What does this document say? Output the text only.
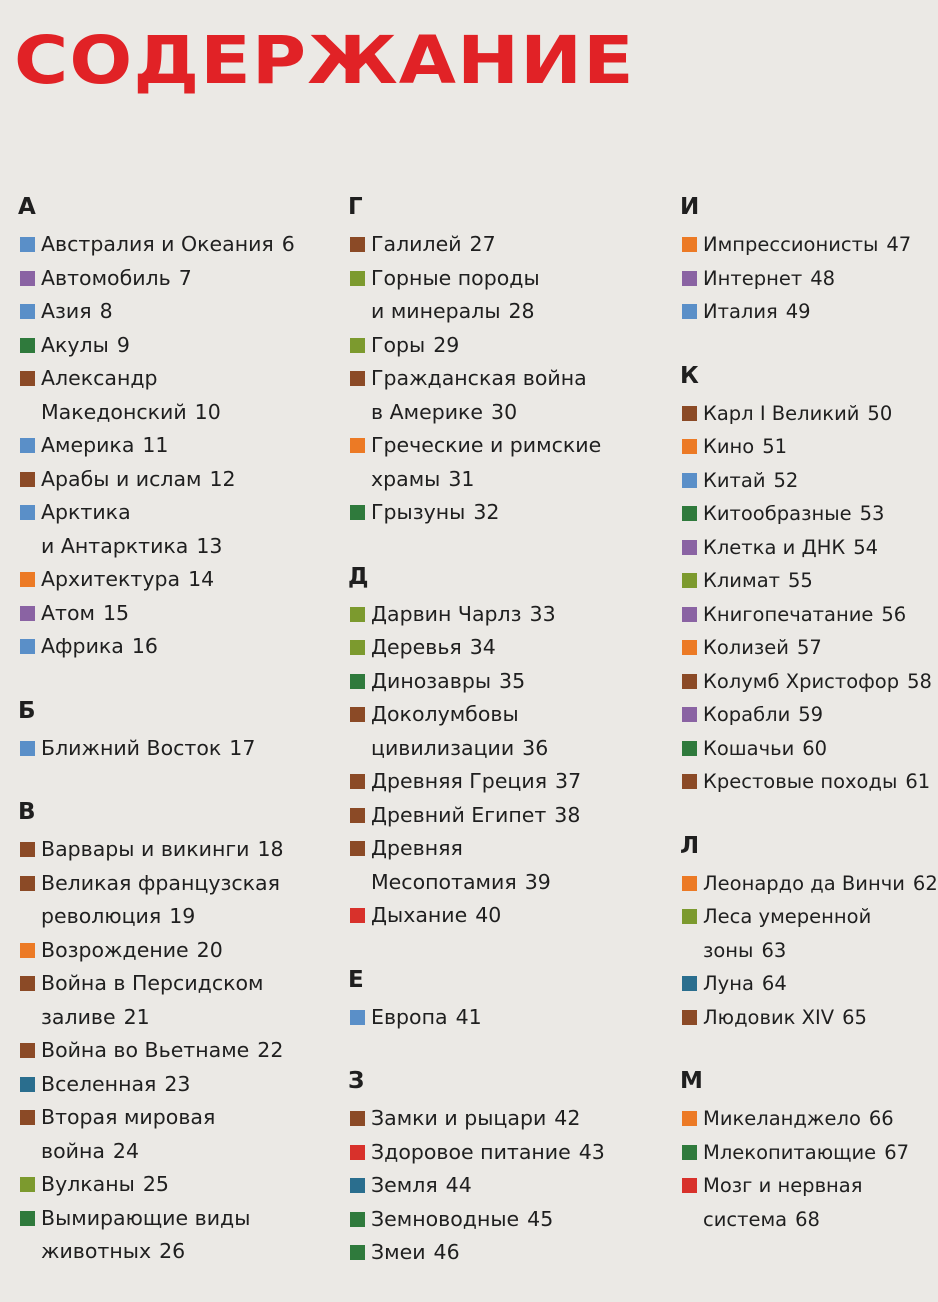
СОДЕРЖАНИЕ
А
Австралия и Океания 6
Автомобиль 7
Азия 8
Акулы 9
Александр
Македонский 10
Америка 11
Арабы и ислам 12
Арктика
и Антарктика 13
Архитектура 14
Атом 15
Африка 16
Б
Ближний Восток 17
В
Варвары и викинги 18
Великая французская
революция 19
Возрождение 20
Война в Персидском
заливе 21
Война во Вьетнаме 22
Вселенная 23
Вторая мировая
война 24
Вулканы 25
Вымирающие виды
животных 26
Г
Галилей 27
Горные породы
и минералы 28
Горы 29
Гражданская война
в Америке 30
Греческие и римские
храмы 31
Грызуны 32
Д
Дарвин Чарлз 33
Деревья 34
Динозавры 35
Доколумбовы
цивилизации 36
Древняя Греция 37
Древний Египет 38
Древняя
Месопотамия 39
Дыхание 40
Е
Европа 41
З
Замки и рыцари 42
Здоровое питание 43
Земля 44
Земноводные 45
Змеи 46
И
Импрессионисты 47
Интернет 48
Италия 49
К
Карл I Великий 50
Кино 51
Китай 52
Китообразные 53
Клетка и ДНК 54
Климат 55
Книгопечатание 56
Колизей 57
Колумб Христофор 58
Корабли 59
Кошачьи 60
Крестовые походы 61
Л
Леонардо да Винчи 62
Леса умеренной
зоны 63
Луна 64
Людовик XIV 65
М
Микеланджело 66
Млекопитающие 67
Мозг и нервная
система 68
